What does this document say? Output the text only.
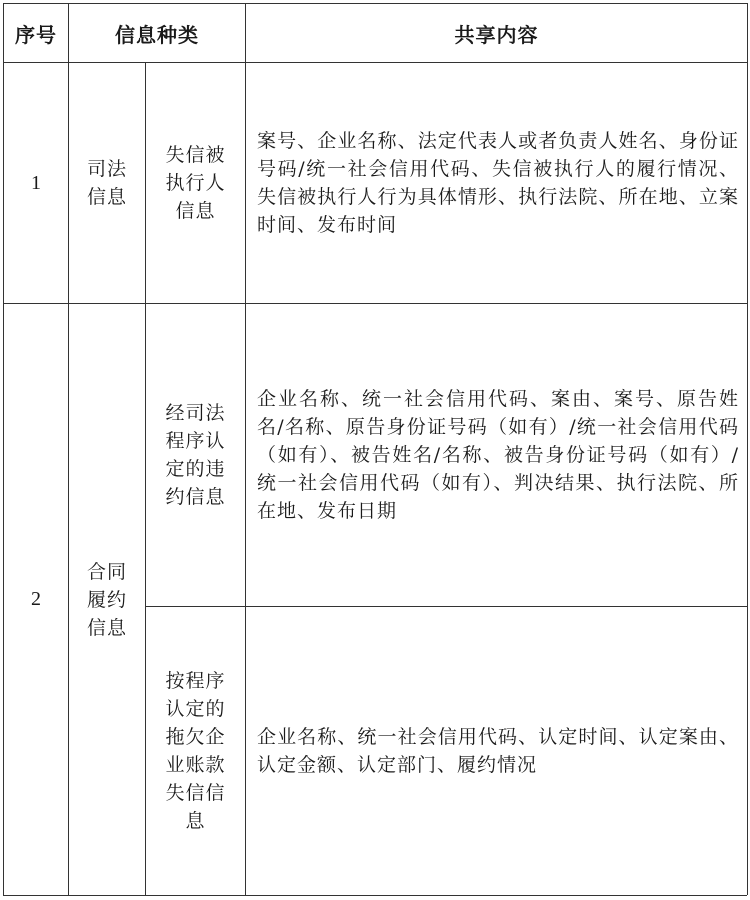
序号	信息种类	共享内容
1
司法信息
失信被执行人信息
案号、企业名称、法定代表人或者负责人姓名、身份证号码/统一社会信用代码、失信被执行人的履行情况、失信被执行人行为具体情形、执行法院、所在地、立案时间、发布时间
2
合同履约信息
经司法程序认定的违约信息
企业名称、统一社会信用代码、案由、案号、原告姓名/名称、原告身份证号码（如有）/统一社会信用代码（如有）、被告姓名/名称、被告身份证号码（如有）/统一社会信用代码（如有）、判决结果、执行法院、所在地、发布日期
按程序认定的拖欠企业账款失信信息
企业名称、统一社会信用代码、认定时间、认定案由、认定金额、认定部门、履约情况
